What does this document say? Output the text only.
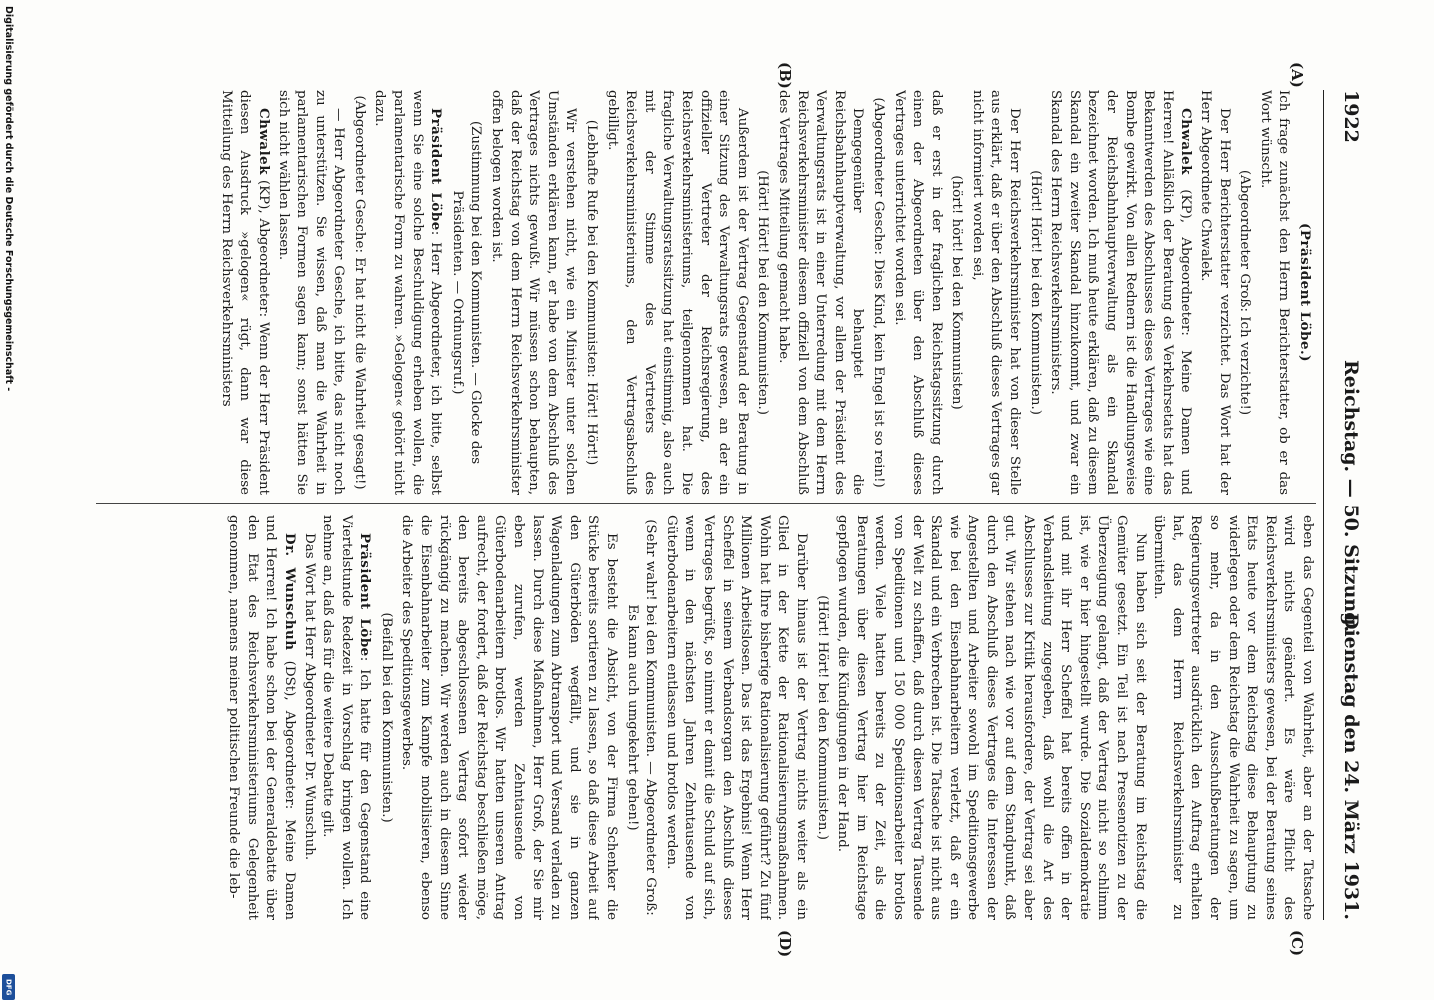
1922
Reichstag. — 50. Sitzung.
Dienstag den 24. März 1931.
(A)
(B)
(C)
(D)

(Präsident Löbe.)

Ich frage zunächst den Herrn Berichterstatter, ob er das Wort wünscht.

(Abgeordneter Groß: Ich verzichte!)

Der Herr Berichterstatter verzichtet. Das Wort hat der Herr Abgeordnete Chwalek.

Chwalek (KP), Abgeordneter: Meine Damen und Herren! Anläßlich der Beratung des Verkehrsetats hat das Bekanntwerden des Abschlusses dieses Vertrages wie eine Bombe gewirkt. Von allen Rednern ist die Handlungsweise der Reichsbahnhauptverwaltung als ein Skandal bezeichnet worden. Ich muß heute erklären, daß zu diesem Skandal ein zweiter Skandal hinzukommt, und zwar ein Skandal des Herrn Reichsverkehrsministers.

(Hört! Hört! bei den Kommunisten.)

Der Herr Reichsverkehrsminister hat von dieser Stelle aus erklärt, daß er über den Abschluß dieses Vertrages gar nicht informiert worden sei,

(hört! hört! bei den Kommunisten)

daß er erst in der fraglichen Reichstagssitzung durch einen der Abgeordneten über den Abschluß dieses Vertrages unterrichtet worden sei.

(Abgeordneter Gesche: Dies Kind, kein Engel ist so rein!)

Demgegenüber behauptet die Reichsbahnhauptverwaltung, vor allem der Präsident des Verwaltungsrats ist in einer Unterredung mit dem Herrn Reichsverkehrsminister diesem offiziell von dem Abschluß des Vertrages Mitteilung gemacht habe.

(Hört! Hört! bei den Kommunisten.)

Außerdem ist der Vertrag Gegenstand der Beratung in einer Sitzung des Verwaltungsrats gewesen, an der ein offizieller Vertreter der Reichsregierung, des Reichsverkehrsministeriums, teilgenommen hat. Die fragliche Verwaltungsratssitzung hat einstimmig, also auch mit der Stimme des Vertreters des Reichsverkehrsministeriums, den Vertragsabschluß gebilligt.

(Lebhafte Rufe bei den Kommunisten: Hört! Hört!)

Wir verstehen nicht, wie ein Minister unter solchen Umständen erklären kann, er habe von dem Abschluß des Vertrages nichts gewußt. Wir müssen schon behaupten, daß der Reichstag von dem Herrn Reichsverkehrsminister offen belogen worden ist.

(Zustimmung bei den Kommunisten. — Glocke des Präsidenten. — Ordnungsruf.)

Präsident Löbe: Herr Abgeordneter, ich bitte, selbst wenn Sie eine solche Beschuldigung erheben wollen, die parlamentarische Form zu wahren. »Gelogen« gehört nicht dazu.

(Abgeordneter Gesche: Er hat nicht die Wahrheit gesagt!)

— Herr Abgeordneter Gesche, ich bitte, das nicht noch zu unterstützen. Sie wissen, daß man die Wahrheit in parlamentarischen Formen sagen kann; sonst hätten Sie sich nicht wählen lassen.

Chwalek (KP), Abgeordneter: Wenn der Herr Präsident diesen Ausdruck »gelogen« rügt, dann war diese Mitteilung des Herrn Reichsverkehrsministers

eben das Gegenteil von Wahrheit, aber an der Tatsache wird nichts geändert. Es wäre Pflicht des Reichsverkehrsministers gewesen, bei der Beratung seines Etats heute vor dem Reichstag diese Behauptung zu widerlegen oder dem Reichstag die Wahrheit zu sagen, um so mehr, da in den Ausschußberatungen der Regierungsvertreter ausdrücklich den Auftrag erhalten hat, das dem Herrn Reichsverkehrsminister zu übermitteln.

Nun haben sich seit der Beratung im Reichstag die Gemüter gesetzt. Ein Teil ist nach Pressenotizen zu der Überzeugung gelangt, daß der Vertrag nicht so schlimm ist, wie er hier hingestellt wurde. Die Sozialdemokratie und mit ihr Herr Scheffel hat bereits offen in der Verbandsleitung zugegeben, daß wohl die Art des Abschlusses zur Kritik herausfordere, der Vertrag sei aber gut. Wir stehen nach wie vor auf dem Standpunkt, daß durch den Abschluß dieses Vertrages die Interessen der Angestellten und Arbeiter sowohl im Speditionsgewerbe wie bei den Eisenbahnarbeitern verletzt, daß er ein Skandal und ein Verbrechen ist. Die Tatsache ist nicht aus der Welt zu schaffen, daß durch diesen Vertrag Tausende von Speditionen und 150 000 Speditionsarbeiter brotlos werden. Viele hatten bereits zu der Zeit, als die Beratungen über diesen Vertrag hier im Reichstage gepflogen wurden, die Kündigungen in der Hand.

(Hört! Hört! bei den Kommunisten.)

Darüber hinaus ist der Vertrag nichts weiter als ein Glied in der Kette der Rationalisierungsmaßnahmen. Wohin hat Ihre bisherige Rationalisierung geführt? Zu fünf Millionen Arbeitslosen. Das ist das Ergebnis! Wenn Herr Scheffel in seinem Verbandsorgan den Abschluß dieses Vertrages begrüßt, so nimmt er damit die Schuld auf sich, wenn in den nächsten Jahren Zehntausende von Güterbodenarbeitern entlassen und brotlos werden.

(Sehr wahr! bei den Kommunisten. — Abgeordneter Groß: Es kann auch umgekehrt gehen!)

Es besteht die Absicht, von der Firma Schenker die Stücke bereits sortieren zu lassen, so daß diese Arbeit auf den Güterböden wegfällt, und sie in ganzen Wagenladungen zum Abtransport und Versand verladen zu lassen. Durch diese Maßnahmen, Herr Groß, der Sie mir eben zurufen, werden Zehntausende von Güterbodenarbeitern brotlos. Wir hatten unseren Antrag aufrecht, der fordert, daß der Reichstag beschließen möge, den bereits abgeschlossenen Vertrag sofort wieder rückgängig zu machen. Wir werden auch in diesem Sinne die Eisenbahnarbeiter zum Kampfe mobilisieren, ebenso die Arbeiter des Speditionsgewerbes.

(Beifall bei den Kommunisten.)

Präsident Löbe: Ich hatte für den Gegenstand eine Viertelstunde Redezeit in Vorschlag bringen wollen. Ich nehme an, daß das für die weitere Debatte gilt.

Das Wort hat Herr Abgeordneter Dr. Wunschuh.

Dr. Wunschuh (DSt), Abgeordneter: Meine Damen und Herren! Ich habe schon bei der Generaldebatte über den Etat des Reichsverkehrsministeriums Gelegenheit genommen, namens meiner politischen Freunde die leb-

Digitalisierung gefördert durch die Deutsche Forschungsgemeinschaft -
DFG
